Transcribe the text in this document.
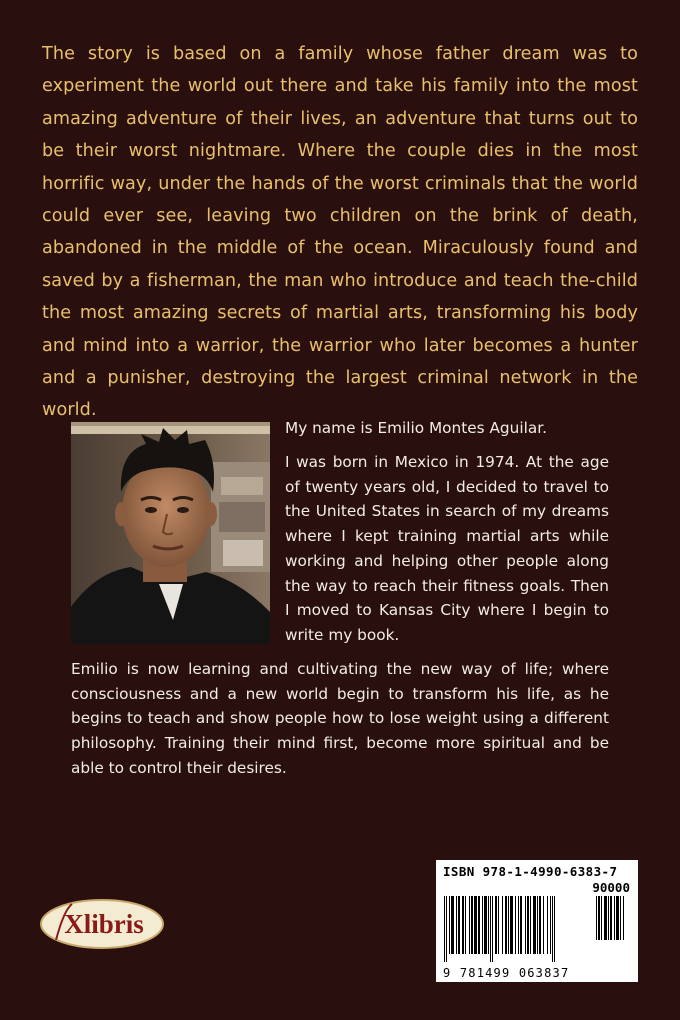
The story is based on a family whose father dream was to experiment the world out there and take his family into the most amazing adventure of their lives, an adventure that turns out to be their worst nightmare. Where the couple dies in the most horrific way, under the hands of the worst criminals that the world could ever see, leaving two children on the brink of death, abandoned in the middle of the ocean. Miraculously found and saved by a fisherman, the man who introduce and teach the-child the most amazing secrets of martial arts, transforming his body and mind into a warrior, the warrior who later becomes a hunter and a punisher, destroying the largest criminal network in the world.

My name is Emilio Montes Aguilar.

I was born in Mexico in 1974. At the age of twenty years old, I decided to travel to the United States in search of my dreams where I kept training martial arts while working and helping other people along the way to reach their fitness goals. Then I moved to Kansas City where I begin to write my book.

Emilio is now learning and cultivating the new way of life; where consciousness and a new world begin to transform his life, as he begins to teach and show people how to lose weight using a different philosophy. Training their mind first, become more spiritual and be able to control their desires.

ISBN 978-1-4990-6383-7
90000
9 781499 063837
Xlibris
